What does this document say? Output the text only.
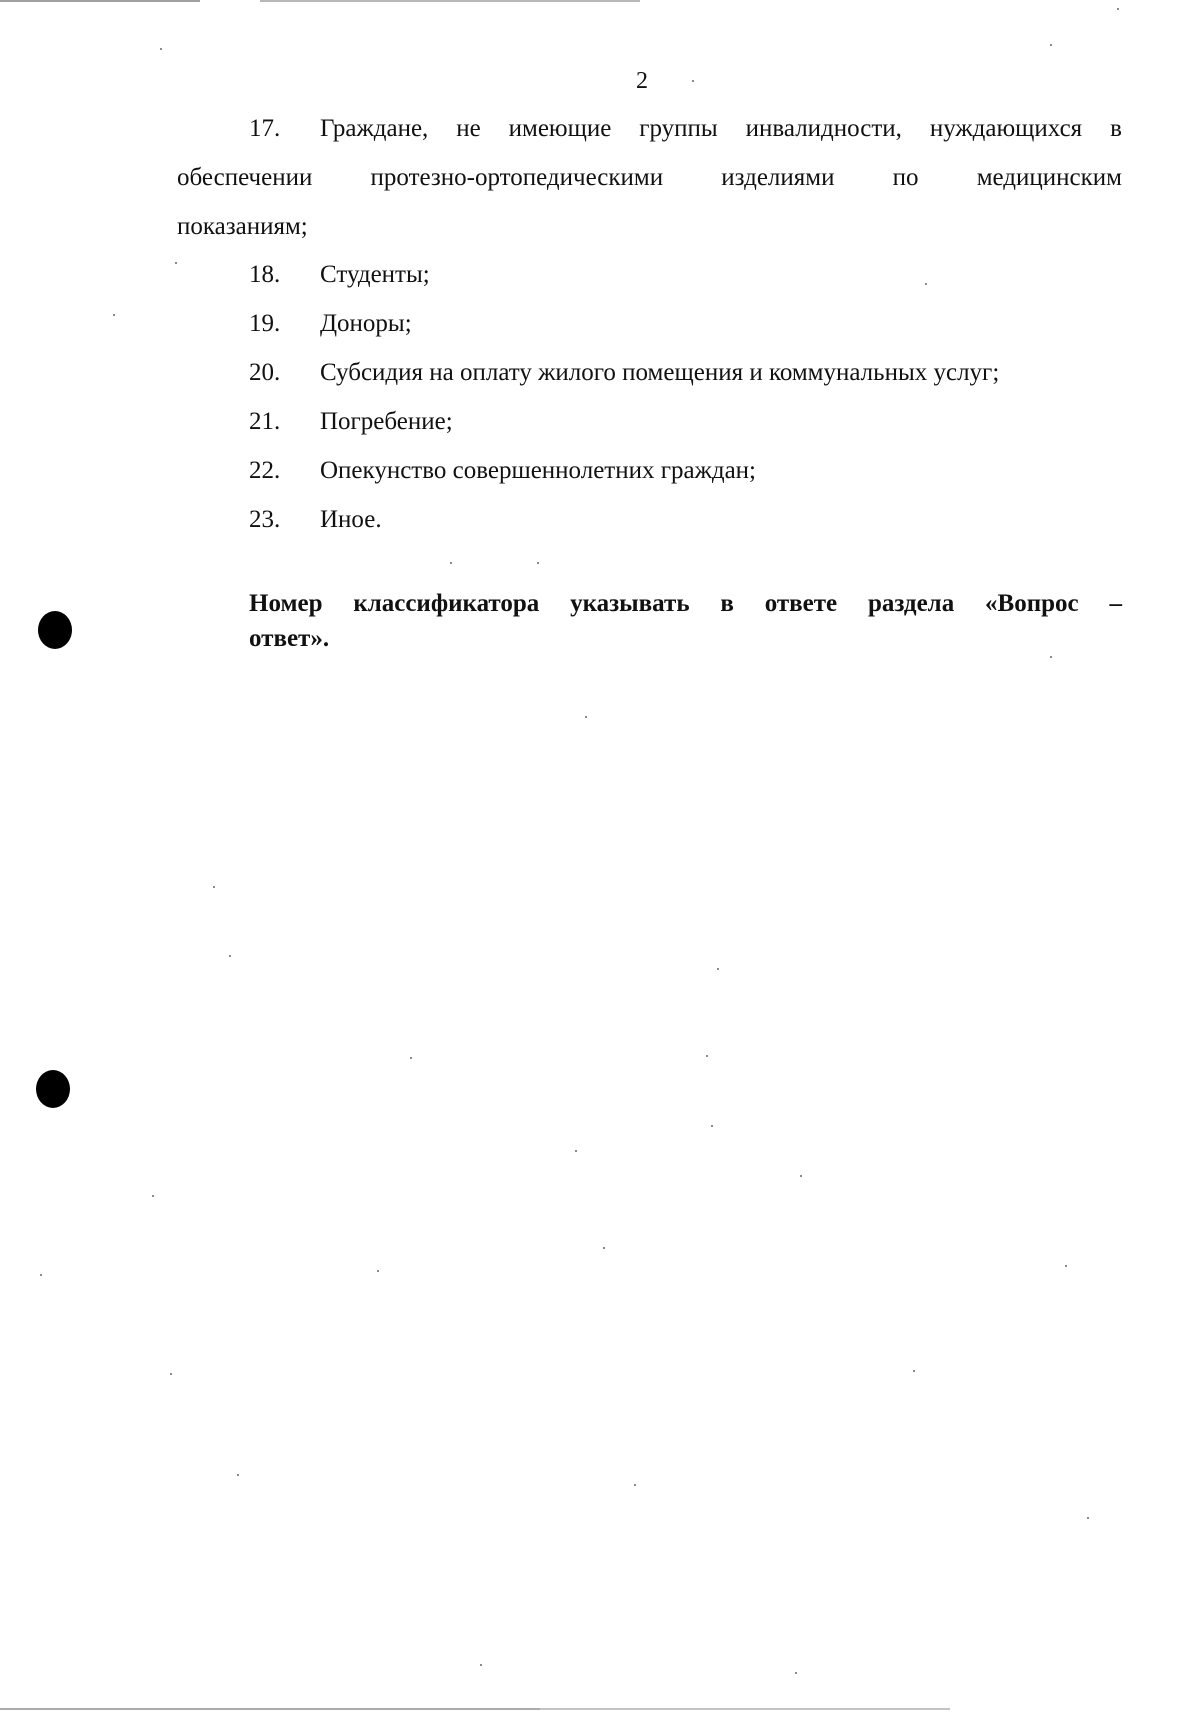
2
17. Граждане, не имеющие группы инвалидности, нуждающихся в
обеспечении протезно-ортопедическими изделиями по медицинским
показаниям;
18. Студенты;
19. Доноры;
20. Субсидия на оплату жилого помещения и коммунальных услуг;
21. Погребение;
22. Опекунство совершеннолетних граждан;
23. Иное.
Номер классификатора указывать в ответе раздела «Вопрос –
ответ».
